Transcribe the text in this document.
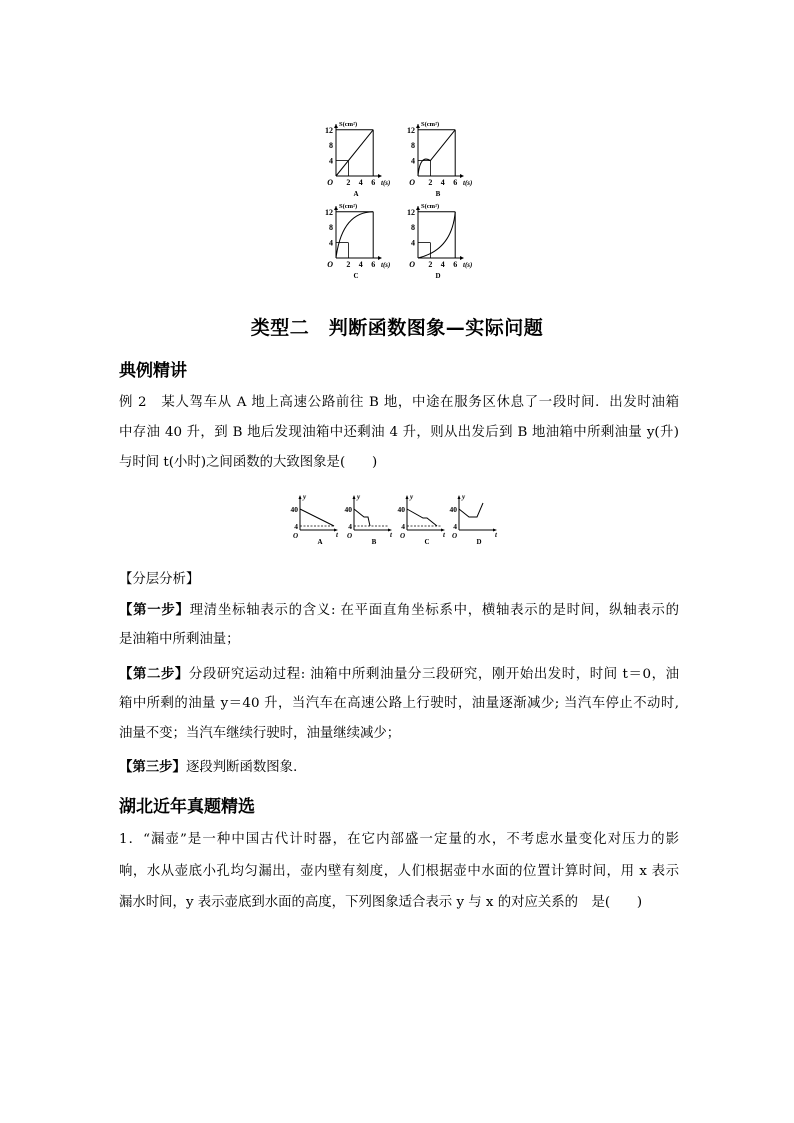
12
8
4
2 4 6
O
S(cm²)
t(s)
A
12
8
4
2 4 6
O
S(cm²)
t(s)
B
12
8
4
2 4 6
O
S(cm²)
t(s)
C
12
8
4
2 4 6
O
S(cm²)
t(s)
D
类型二　判断函数图象—实际问题
典例精讲
例 2　某人驾车从 A 地上高速公路前往 B 地，中途在服务区休息了一段时间．出发时油箱
中存油 40 升，到 B 地后发现油箱中还剩油 4 升，则从出发后到 B 地油箱中所剩油量 y(升)
与时间 t(小时)之间函数的大致图象是(　　)
40
4
O
y
t
A
40
4
O
y
t
B
40
4
O
y
t
C
40
4
O
y
t
D
【分层分析】
【第一步】理清坐标轴表示的含义: 在平面直角坐标系中，横轴表示的是时间，纵轴表示的
是油箱中所剩油量；
【第二步】分段研究运动过程: 油箱中所剩油量分三段研究，刚开始出发时，时间 t＝0，油
箱中所剩的油量 y＝40 升，当汽车在高速公路上行驶时，油量逐渐减少; 当汽车停止不动时,
油量不变；当汽车继续行驶时，油量继续减少；
【第三步】逐段判断函数图象．
湖北近年真题精选
1．“漏壶”是一种中国古代计时器，在它内部盛一定量的水，不考虑水量变化对压力的影
响，水从壶底小孔均匀漏出，壶内壁有刻度，人们根据壶中水面的位置计算时间，用 x 表示
漏水时间，y 表示壶底到水面的高度，下列图象适合表示 y 与 x 的对应关系的　是(　　)
